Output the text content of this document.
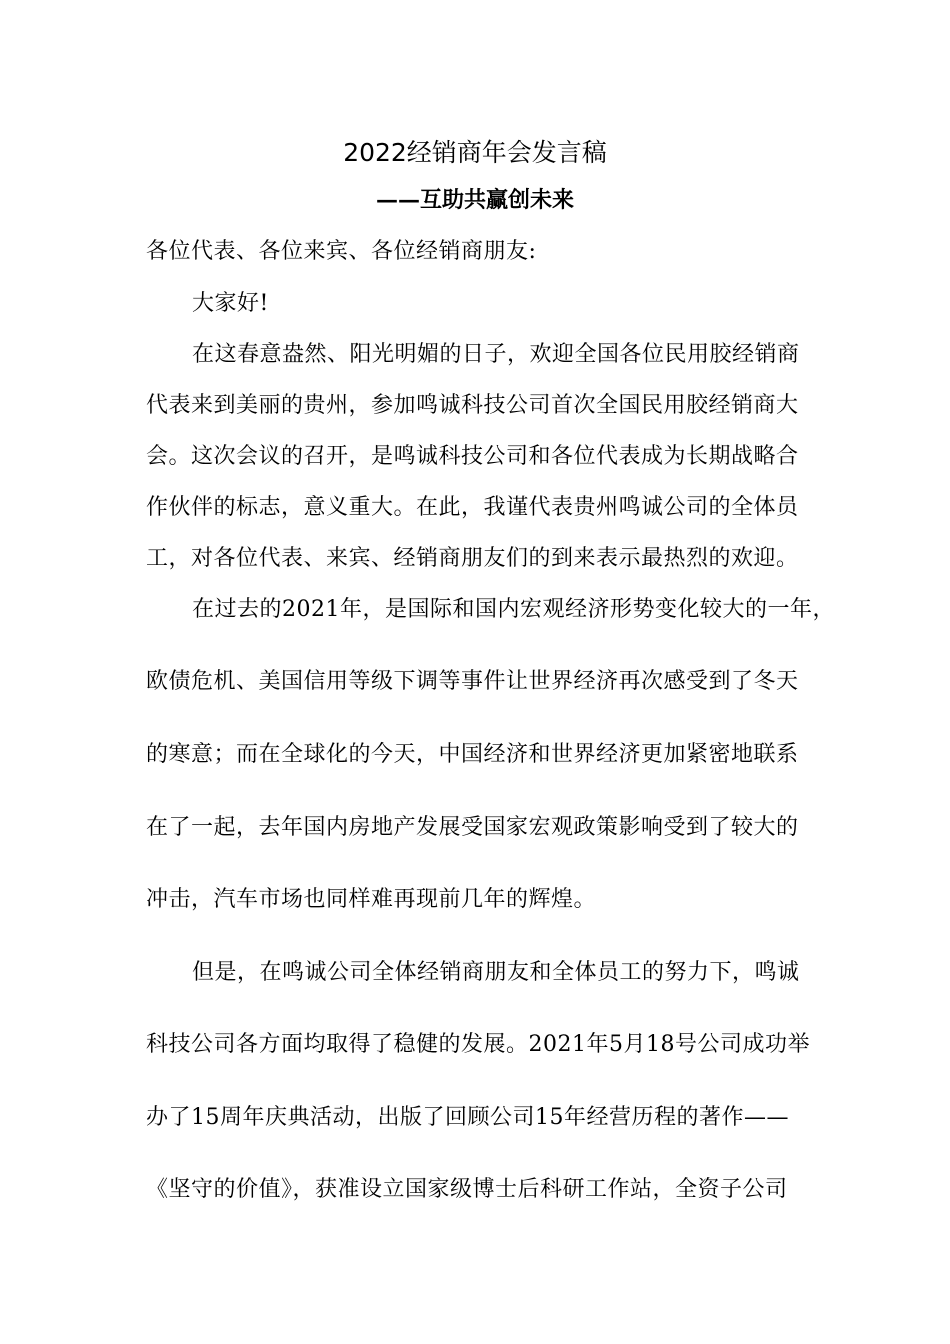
2022经销商年会发言稿
——互助共赢创未来
各位代表、各位来宾、各位经销商朋友:
大家好!
在这春意盎然、阳光明媚的日子，欢迎全国各位民用胶经销商
代表来到美丽的贵州，参加鸣诚科技公司首次全国民用胶经销商大
会。这次会议的召开，是鸣诚科技公司和各位代表成为长期战略合
作伙伴的标志，意义重大。在此，我谨代表贵州鸣诚公司的全体员
工，对各位代表、来宾、经销商朋友们的到来表示最热烈的欢迎。
在过去的2021年，是国际和国内宏观经济形势变化较大的一年，
欧债危机、美国信用等级下调等事件让世界经济再次感受到了冬天
的寒意；而在全球化的今天，中国经济和世界经济更加紧密地联系
在了一起，去年国内房地产发展受国家宏观政策影响受到了较大的
冲击，汽车市场也同样难再现前几年的辉煌。
但是，在鸣诚公司全体经销商朋友和全体员工的努力下，鸣诚
科技公司各方面均取得了稳健的发展。2021年5月18号公司成功举
办了15周年庆典活动，出版了回顾公司15年经营历程的著作——
《坚守的价值》，获准设立国家级博士后科研工作站，全资子公司
